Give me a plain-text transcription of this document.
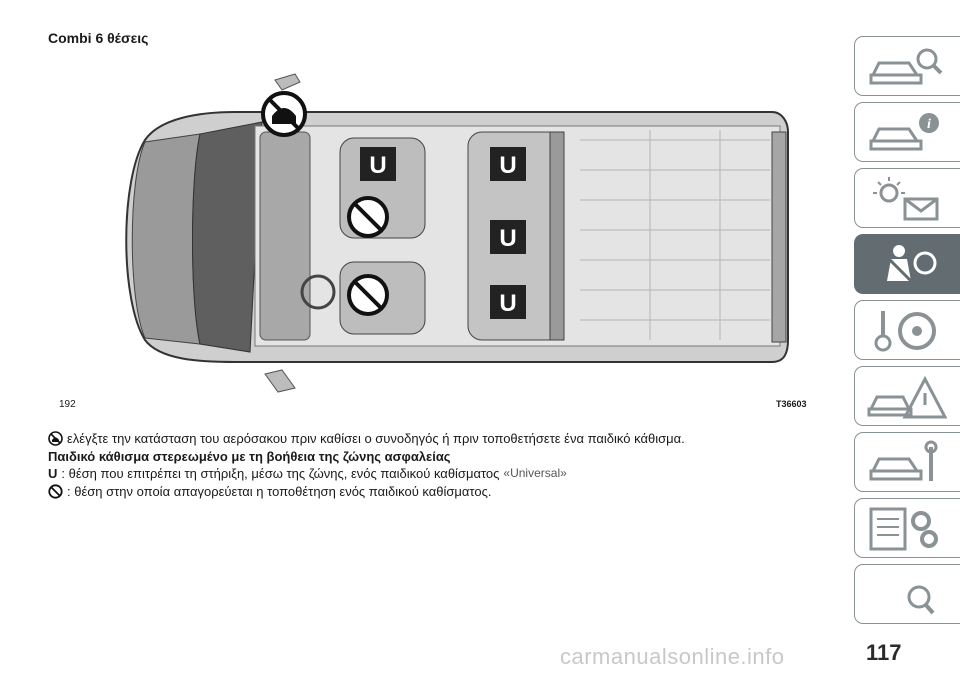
Combi 6 θέσεις
U	U
U
U
192	T36603
ελέγξτε την κατάσταση του αερόσακου πριν καθίσει ο συνοδηγός ή πριν τοποθετήσετε ένα παιδικό κάθισμα.
Παιδικό κάθισμα στερεωμένο με τη βοήθεια της ζώνης ασφαλείας
U : θέση που επιτρέπει τη στήριξη, μέσω της ζώνης, ενός παιδικού καθίσματος «Universal»
: θέση στην οποία απαγορεύεται η τοποθέτηση ενός παιδικού καθίσματος.
i
carmanualsonline.info	117
